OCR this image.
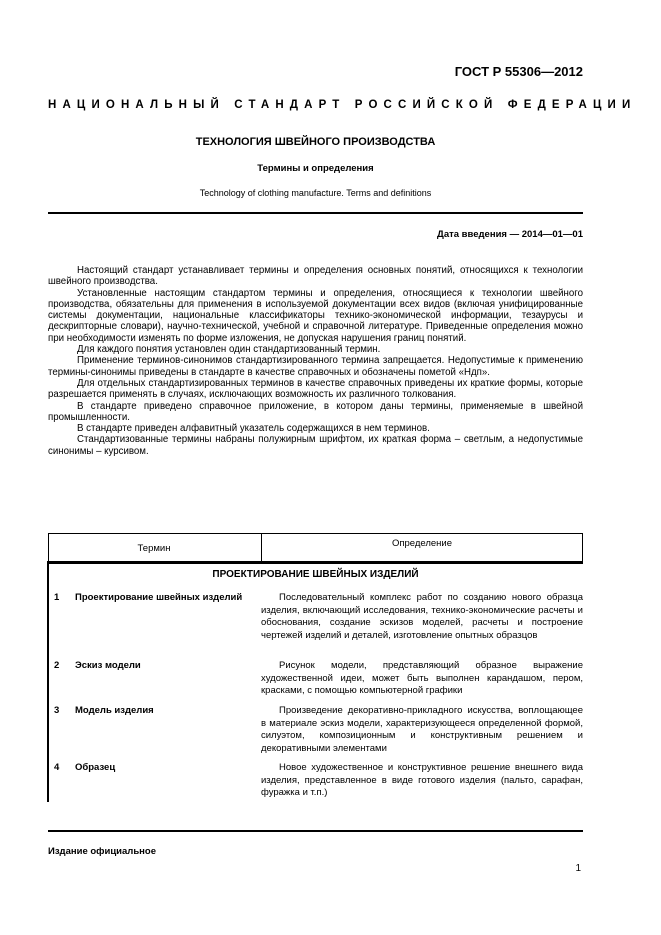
ГОСТ Р 55306—2012
НАЦИОНАЛЬНЫЙ СТАНДАРТ РОССИЙСКОЙ ФЕДЕРАЦИИ
ТЕХНОЛОГИЯ ШВЕЙНОГО ПРОИЗВОДСТВА
Термины и определения
Technology of clothing manufacture. Terms and definitions
Дата введения — 2014—01—01

Настоящий стандарт устанавливает термины и определения основных понятий, относящихся к технологии швейного производства.

Установленные настоящим стандартом термины и определения, относящиеся к технологии швейного производства, обязательны для применения в используемой документации всех видов (включая унифицированные системы документации, национальные классификаторы технико-экономической информации, тезаурусы и дескрипторные словари), научно-технической, учебной и справочной литературе. Приведенные определения можно при необходимости изменять по форме изложения, не допуская нарушения границ понятий.

Для каждого понятия установлен один стандартизованный термин.

Применение терминов-синонимов стандартизированного термина запрещается. Недопустимые к применению термины-синонимы приведены в стандарте в качестве справочных и обозначены пометой «Ндп».

Для отдельных стандартизированных терминов в качестве справочных приведены их краткие формы, которые разрешается применять в случаях, исключающих возможность их различного толкования.

В стандарте приведено справочное приложение, в котором даны термины, применяемые в швейной промышленности.

В стандарте приведен алфавитный указатель содержащихся в нем терминов.

Стандартизованные термины набраны полужирным шрифтом, их краткая форма – светлым, а недопустимые синонимы – курсивом.

Термин	Определение
ПРОЕКТИРОВАНИЕ ШВЕЙНЫХ ИЗДЕЛИЙ
1	Проектирование швейных изделий	Последовательный комплекс работ по созданию нового образца изделия, включающий исследования, технико-экономические расчеты и обоснования, создание эскизов моделей, расчеты и построение чертежей изделий и деталей, изготовление опытных образцов

2	Эскиз модели	Рисунок модели, представляющий образное выражение художественной идеи, может быть выполнен карандашом, пером, красками, с помощью компьютерной графики

3	Модель изделия	Произведение декоративно-прикладного искусства, воплощающее в материале эскиз модели, характеризующееся определенной формой, силуэтом, композиционным и конструктивным решением и декоративными элементами

4	Образец	Новое художественное и конструктивное решение внешнего вида изделия, представленное в виде готового изделия (пальто, сарафан, фуражка и т.п.)

Издание официальное
1
